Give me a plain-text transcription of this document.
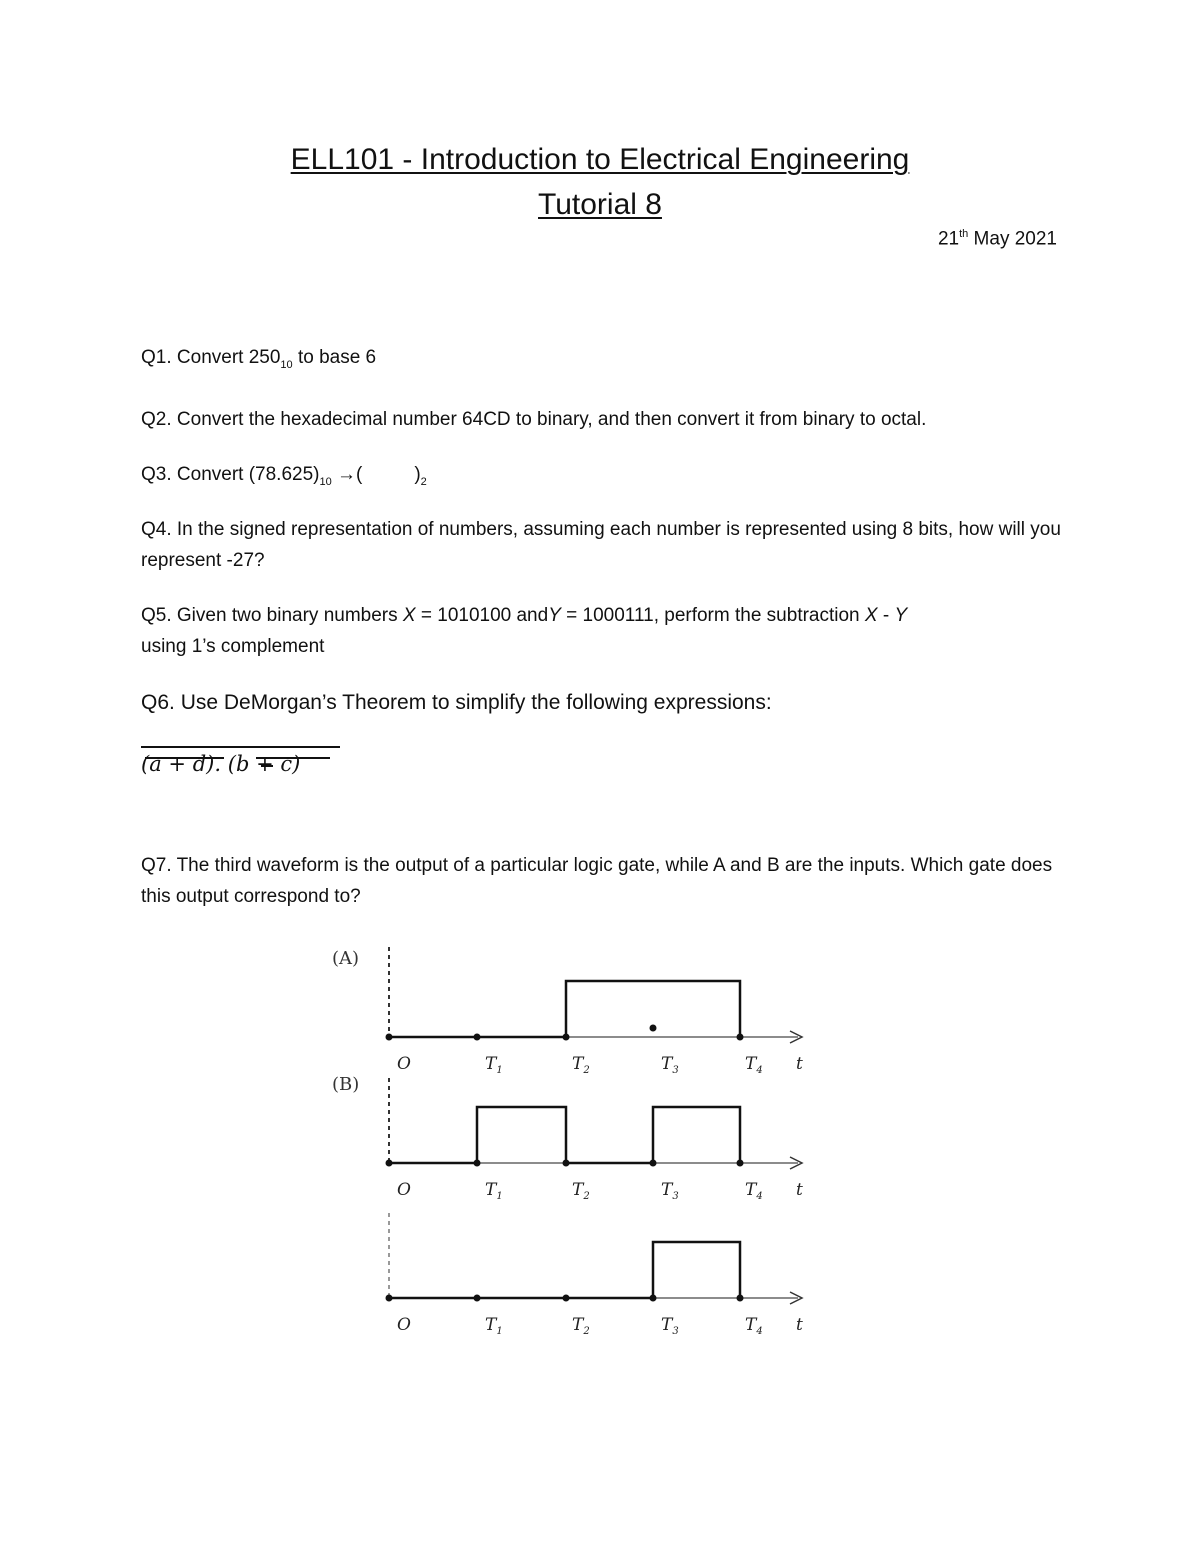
ELL101 - Introduction to Electrical Engineering
Tutorial 8
21th May 2021
Q1. Convert $250_{10}$ to base 6
Q2. Convert the hexadecimal number 64CD to binary, and then convert it from binary to octal.
Q3. Convert $(78.625)_{10}$ →(	)$_2$
Q4. In the signed representation of numbers, assuming each number is represented using 8 bits, how will you represent -27?
Q5. Given two binary numbers X = 1010100 andY = 1000111, perform the subtraction X - Y
using 1’s complement
Q6. Use DeMorgan’s Theorem to simplify the following expressions:
(a + d). (b + c)
Q7. The third waveform is the output of a particular logic gate, while A and B are the inputs. Which gate does this output correspond to?
(A)
O	$T_1$	$T_2$	$T_3$	$T_4$ t
(B)
O	$T_1$	$T_2$	$T_3$	$T_4$ t
O	$T_1$	$T_2$	$T_3$	$T_4$ t
